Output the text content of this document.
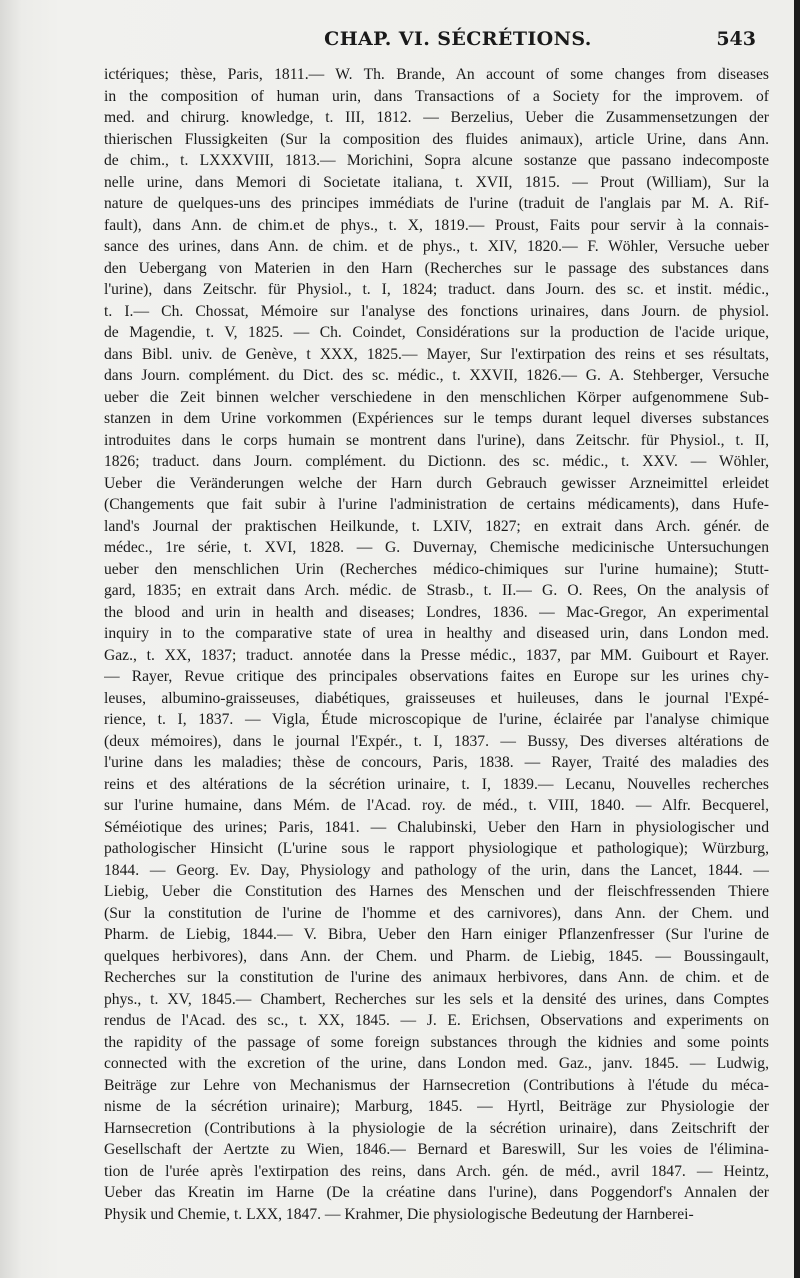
CHAP. VI. SÉCRÉTIONS.	543
ictériques; thèse, Paris, 1811.— W. Th. Brande, An account of some changes from diseases
in the composition of human urin, dans Transactions of a Society for the improvem. of
med. and chirurg. knowledge, t. III, 1812. — Berzelius, Ueber die Zusammensetzungen der
thierischen Flussigkeiten (Sur la composition des fluides animaux), article Urine, dans Ann.
de chim., t. LXXXVIII, 1813.— Morichini, Sopra alcune sostanze que passano indecomposte
nelle urine, dans Memori di Societate italiana, t. XVII, 1815. — Prout (William), Sur la
nature de quelques-uns des principes immédiats de l'urine (traduit de l'anglais par M. A. Rif-
fault), dans Ann. de chim.et de phys., t. X, 1819.— Proust, Faits pour servir à la connais-
sance des urines, dans Ann. de chim. et de phys., t. XIV, 1820.— F. Wöhler, Versuche ueber
den Uebergang von Materien in den Harn (Recherches sur le passage des substances dans
l'urine), dans Zeitschr. für Physiol., t. I, 1824; traduct. dans Journ. des sc. et instit. médic.,
t. I.— Ch. Chossat, Mémoire sur l'analyse des fonctions urinaires, dans Journ. de physiol.
de Magendie, t. V, 1825. — Ch. Coindet, Considérations sur la production de l'acide urique,
dans Bibl. univ. de Genève, t XXX, 1825.— Mayer, Sur l'extirpation des reins et ses résultats,
dans Journ. complément. du Dict. des sc. médic., t. XXVII, 1826.— G. A. Stehberger, Versuche
ueber die Zeit binnen welcher verschiedene in den menschlichen Körper aufgenommene Sub-
stanzen in dem Urine vorkommen (Expériences sur le temps durant lequel diverses substances
introduites dans le corps humain se montrent dans l'urine), dans Zeitschr. für Physiol., t. II,
1826; traduct. dans Journ. complément. du Dictionn. des sc. médic., t. XXV. — Wöhler,
Ueber die Veränderungen welche der Harn durch Gebrauch gewisser Arzneimittel erleidet
(Changements que fait subir à l'urine l'administration de certains médicaments), dans Hufe-
land's Journal der praktischen Heilkunde, t. LXIV, 1827; en extrait dans Arch. génér. de
médec., 1re série, t. XVI, 1828. — G. Duvernay, Chemische medicinische Untersuchungen
ueber den menschlichen Urin (Recherches médico-chimiques sur l'urine humaine); Stutt-
gard, 1835; en extrait dans Arch. médic. de Strasb., t. II.— G. O. Rees, On the analysis of
the blood and urin in health and diseases; Londres, 1836. — Mac-Gregor, An experimental
inquiry in to the comparative state of urea in healthy and diseased urin, dans London med.
Gaz., t. XX, 1837; traduct. annotée dans la Presse médic., 1837, par MM. Guibourt et Rayer.
— Rayer, Revue critique des principales observations faites en Europe sur les urines chy-
leuses, albumino-graisseuses, diabétiques, graisseuses et huileuses, dans le journal l'Expé-
rience, t. I, 1837. — Vigla, Étude microscopique de l'urine, éclairée par l'analyse chimique
(deux mémoires), dans le journal l'Expér., t. I, 1837. — Bussy, Des diverses altérations de
l'urine dans les maladies; thèse de concours, Paris, 1838. — Rayer, Traité des maladies des
reins et des altérations de la sécrétion urinaire, t. I, 1839.— Lecanu, Nouvelles recherches
sur l'urine humaine, dans Mém. de l'Acad. roy. de méd., t. VIII, 1840. — Alfr. Becquerel,
Séméiotique des urines; Paris, 1841. — Chalubinski, Ueber den Harn in physiologischer und
pathologischer Hinsicht (L'urine sous le rapport physiologique et pathologique); Würzburg,
1844. — Georg. Ev. Day, Physiology and pathology of the urin, dans the Lancet, 1844. —
Liebig, Ueber die Constitution des Harnes des Menschen und der fleischfressenden Thiere
(Sur la constitution de l'urine de l'homme et des carnivores), dans Ann. der Chem. und
Pharm. de Liebig, 1844.— V. Bibra, Ueber den Harn einiger Pflanzenfresser (Sur l'urine de
quelques herbivores), dans Ann. der Chem. und Pharm. de Liebig, 1845. — Boussingault,
Recherches sur la constitution de l'urine des animaux herbivores, dans Ann. de chim. et de
phys., t. XV, 1845.— Chambert, Recherches sur les sels et la densité des urines, dans Comptes
rendus de l'Acad. des sc., t. XX, 1845. — J. E. Erichsen, Observations and experiments on
the rapidity of the passage of some foreign substances through the kidnies and some points
connected with the excretion of the urine, dans London med. Gaz., janv. 1845. — Ludwig,
Beiträge zur Lehre von Mechanismus der Harnsecretion (Contributions à l'étude du méca-
nisme de la sécrétion urinaire); Marburg, 1845. — Hyrtl, Beiträge zur Physiologie der
Harnsecretion (Contributions à la physiologie de la sécrétion urinaire), dans Zeitschrift der
Gesellschaft der Aertzte zu Wien, 1846.— Bernard et Bareswill, Sur les voies de l'élimina-
tion de l'urée après l'extirpation des reins, dans Arch. gén. de méd., avril 1847. — Heintz,
Ueber das Kreatin im Harne (De la créatine dans l'urine), dans Poggendorf's Annalen der
Physik und Chemie, t. LXX, 1847. — Krahmer, Die physiologische Bedeutung der Harnberei-
